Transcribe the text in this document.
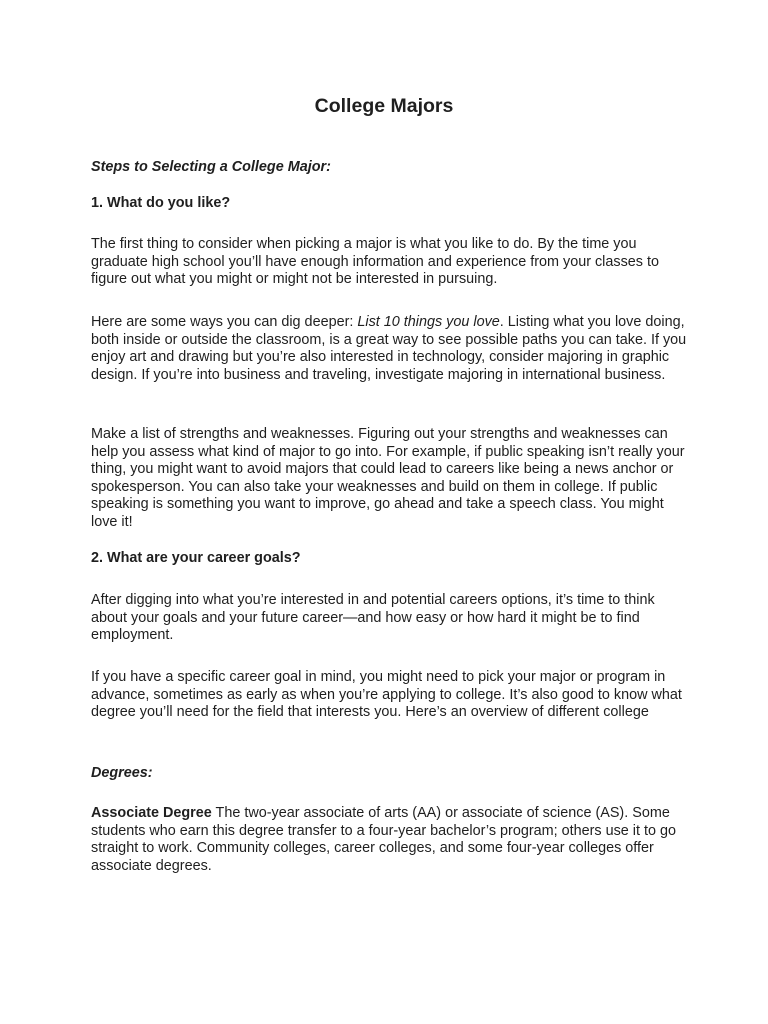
College Majors

Steps to Selecting a College Major:

1. What do you like?

The first thing to consider when picking a major is what you like to do. By the time you graduate high school you’ll have enough information and experience from your classes to figure out what you might or might not be interested in pursuing.

Here are some ways you can dig deeper: List 10 things you love. Listing what you love doing, both inside or outside the classroom, is a great way to see possible paths you can take. If you enjoy art and drawing but you’re also interested in technology, consider majoring in graphic design. If you’re into business and traveling, investigate majoring in international business.

Make a list of strengths and weaknesses. Figuring out your strengths and weaknesses can help you assess what kind of major to go into. For example, if public speaking isn’t really your thing, you might want to avoid majors that could lead to careers like being a news anchor or spokesperson. You can also take your weaknesses and build on them in college. If public speaking is something you want to improve, go ahead and take a speech class. You might love it!

2. What are your career goals?

After digging into what you’re interested in and potential careers options, it’s time to think about your goals and your future career—and how easy or how hard it might be to find employment.

If you have a specific career goal in mind, you might need to pick your major or program in advance, sometimes as early as when you’re applying to college. It’s also good to know what degree you’ll need for the field that interests you. Here’s an overview of different college

Degrees:

Associate Degree The two-year associate of arts (AA) or associate of science (AS). Some students who earn this degree transfer to a four-year bachelor’s program; others use it to go straight to work. Community colleges, career colleges, and some four-year colleges offer associate degrees.
